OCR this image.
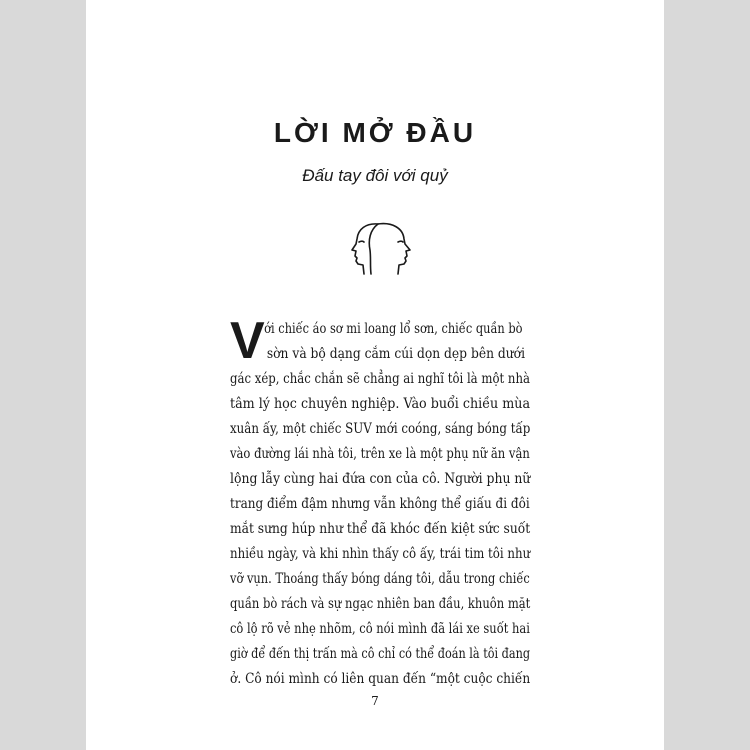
LỜI MỞ ĐẦU
Đấu tay đôi với quỷ
V ới chiếc áo sơ mi loang lổ sơn, chiếc quần bò
sờn và bộ dạng cắm cúi dọn dẹp bên dưới
gác xép, chắc chắn sẽ chẳng ai nghĩ tôi là một nhà
tâm lý học chuyên nghiệp. Vào buổi chiều mùa
xuân ấy, một chiếc SUV mới coóng, sáng bóng tấp
vào đường lái nhà tôi, trên xe là một phụ nữ ăn vận
lộng lẫy cùng hai đứa con của cô. Người phụ nữ
trang điểm đậm nhưng vẫn không thể giấu đi đôi
mắt sưng húp như thể đã khóc đến kiệt sức suốt
nhiều ngày, và khi nhìn thấy cô ấy, trái tim tôi như
vỡ vụn. Thoáng thấy bóng dáng tôi, dẫu trong chiếc
quần bò rách và sự ngạc nhiên ban đầu, khuôn mặt
cô lộ rõ vẻ nhẹ nhõm, cô nói mình đã lái xe suốt hai
giờ để đến thị trấn mà cô chỉ có thể đoán là tôi đang
ở. Cô nói mình có liên quan đến “một cuộc chiến
7
